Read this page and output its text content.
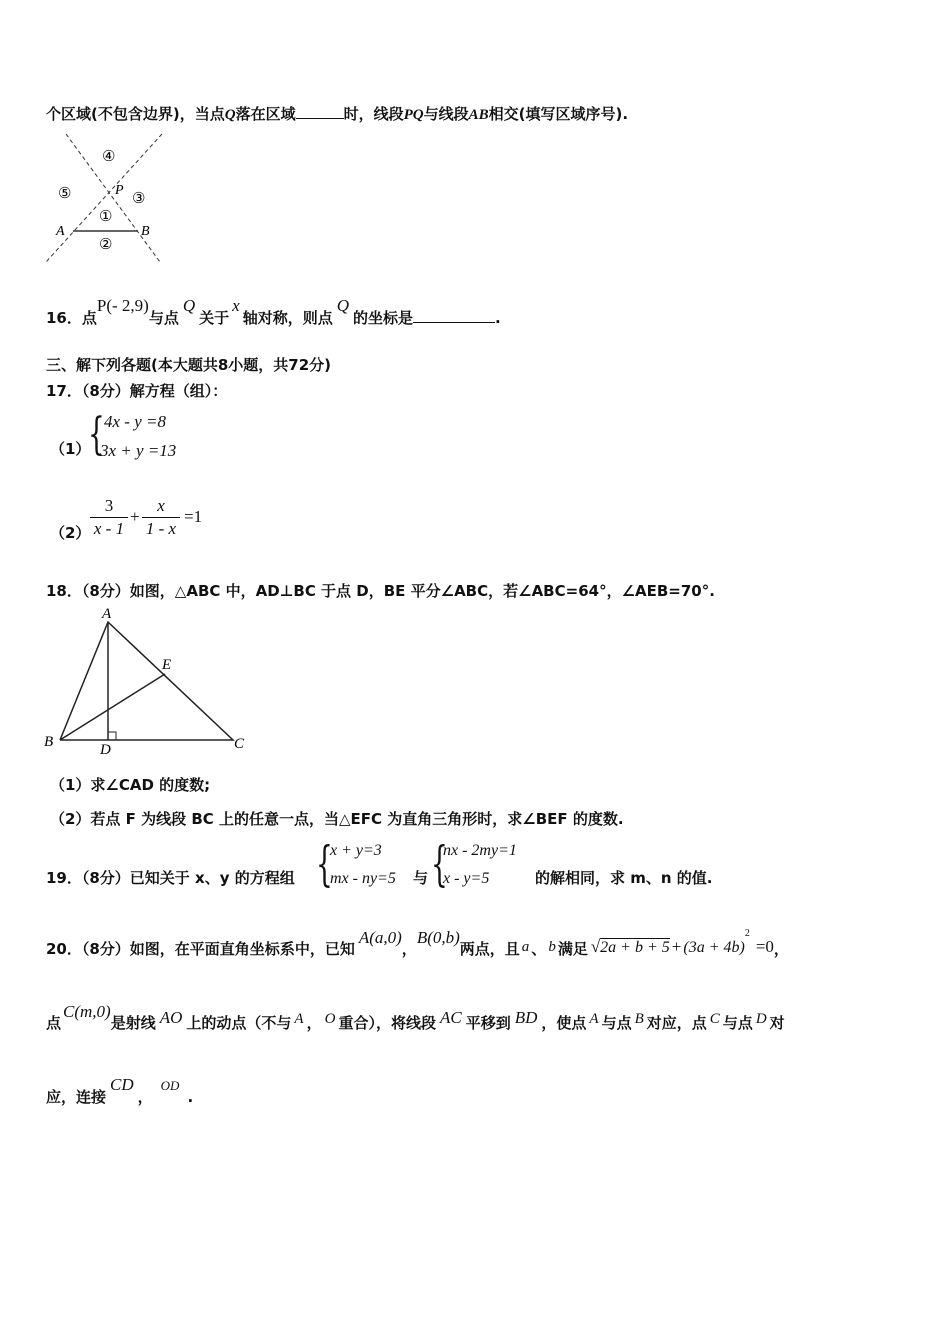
个区域(不包含边界)，当点Q落在区域	时，线段PQ与线段AB相交(填写区域序号).
④
⑤	P
③
①
A	B
②
16．点P(- 2,9)与点Q关于x轴对称，则点Q的坐标是	.
三、解下列各题(本大题共8小题，共72分)
17．（8分）解方程（组）：
（1）
{ 4x - y =8
3x + y =13
（2）
3
x - 1
+
x
1 - x
=1
18．（8分）如图，△ABC 中，AD⊥BC 于点 D，BE 平分∠ABC，若∠ABC=64°，∠AEB=70°.
A
B	C
D
E
（1）求∠CAD 的度数;
（2）若点 F 为线段 BC 上的任意一点，当△EFC 为直角三角形时，求∠BEF 的度数.
19．（8分）已知关于 x、y 的方程组 {
x + y=3
mx - ny=5 与 {
nx - 2my=1
x - y=5	的解相同，求 m、n 的值.
20．（8分）如图，在平面直角坐标系中，已知A(a,0)，B(0,b)两点，且 a 、 b 满足 $√2a + b + 5 + (3a + 4b)^2=0$，
点C(m,0)是射线 AO 上的动点（不与 A ， O 重合），将线段 AC 平移到 BD ，使点 A 与点 B 对应，点 C 与点 D 对
应，连接CD，OD.
